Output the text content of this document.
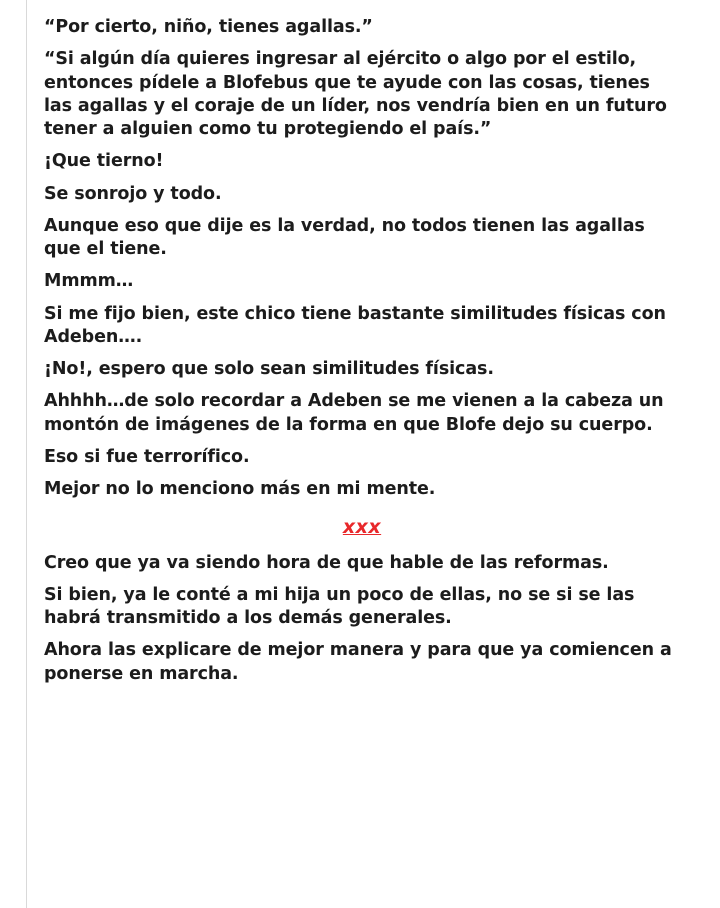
“Por cierto, niño, tienes agallas.”

“Si algún día quieres ingresar al ejército o algo por el estilo, entonces pídele a Blofebus que te ayude con las cosas, tienes las agallas y el coraje de un líder, nos vendría bien en un futuro tener a alguien como tu protegiendo el país.”

¡Que tierno!

Se sonrojo y todo.

Aunque eso que dije es la verdad, no todos tienen las agallas que el tiene.

Mmmm…

Si me fijo bien, este chico tiene bastante similitudes físicas con Adeben….

¡No!, espero que solo sean similitudes físicas.

Ahhhh…de solo recordar a Adeben se me vienen a la cabeza un montón de imágenes de la forma en que Blofe dejo su cuerpo.

Eso si fue terrorífico.

Mejor no lo menciono más en mi mente.

xxx

Creo que ya va siendo hora de que hable de las reformas.

Si bien, ya le conté a mi hija un poco de ellas, no se si se las habrá transmitido a los demás generales.

Ahora las explicare de mejor manera y para que ya comiencen a ponerse en marcha.
